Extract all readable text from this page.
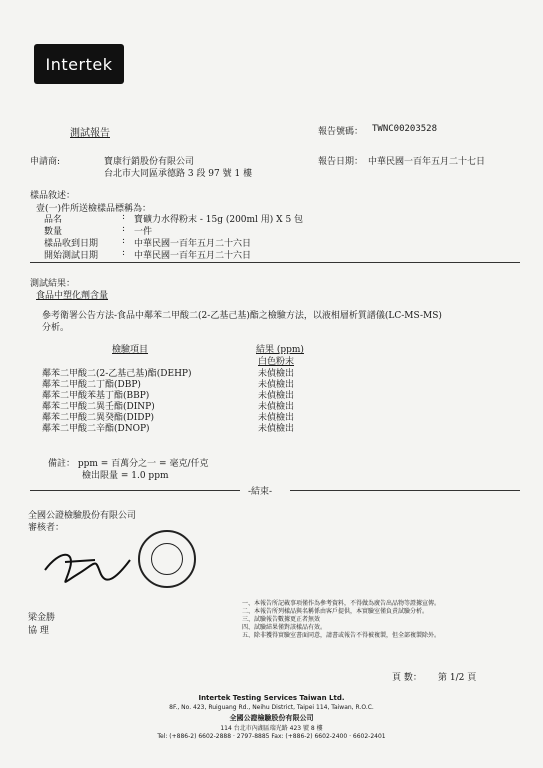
Intertek
測試報告	報告號碼： TWNC00203528
申請商:	寶康行銷股份有限公司
台北市大同區承德路 3 段 97 號 1 樓
報告日期： 中華民國一百年五月二十七日
樣品敘述：
壹(一)件所送檢樣品標稱為：
品名	: 寶礦力水得粉末 - 15g (200ml 用) X 5 包
數量	: 一件
樣品收到日期	: 中華民國一百年五月二十六日
開始測試日期	: 中華民國一百年五月二十六日
測試結果：
食品中塑化劑含量
參考衛署公告方法-食品中鄰苯二甲酸二(2-乙基己基)酯之檢驗方法，以液相層析質譜儀(LC-MS-MS)
分析。
檢驗項目	結果 (ppm)
白色粉末
鄰苯二甲酸二(2-乙基己基)酯(DEHP)	未偵檢出
鄰苯二甲酸二丁酯(DBP)	未偵檢出
鄰苯二甲酸苯基丁酯(BBP)	未偵檢出
鄰苯二甲酸二異壬酯(DINP)	未偵檢出
鄰苯二甲酸二異癸酯(DIDP)	未偵檢出
鄰苯二甲酸二辛酯(DNOP)	未偵檢出
備註： ppm = 百萬分之一 = 毫克/仟克
檢出限量 = 1.0 ppm
-結束-
全國公證檢驗股份有限公司
審核者：
梁金勝
協 理
一、本報告所記載事項僅作為參考資料，不得做為廣告出品物等證據宣傳。
二、本報告所列樣品與名稱係由客戶提供，本實驗室僅負責試驗分析。
三、試驗報告數據更正者無效
四、試驗結果僅對該樣品有效。
五、除非獲得實驗室書面同意，請書或報告不得被複製，但全部複製除外。
頁 數： 第 1/2 頁
Intertek Testing Services Taiwan Ltd.
8F., No. 423, Ruiguang Rd., Neihu District, Taipei 114, Taiwan, R.O.C.
全國公證檢驗股份有限公司
114 台北市內湖區瑞光路 423 號 8 樓
Tel: (+886-2) 6602-2888 · 2797-8885 Fax: (+886-2) 6602-2400 · 6602-2401
